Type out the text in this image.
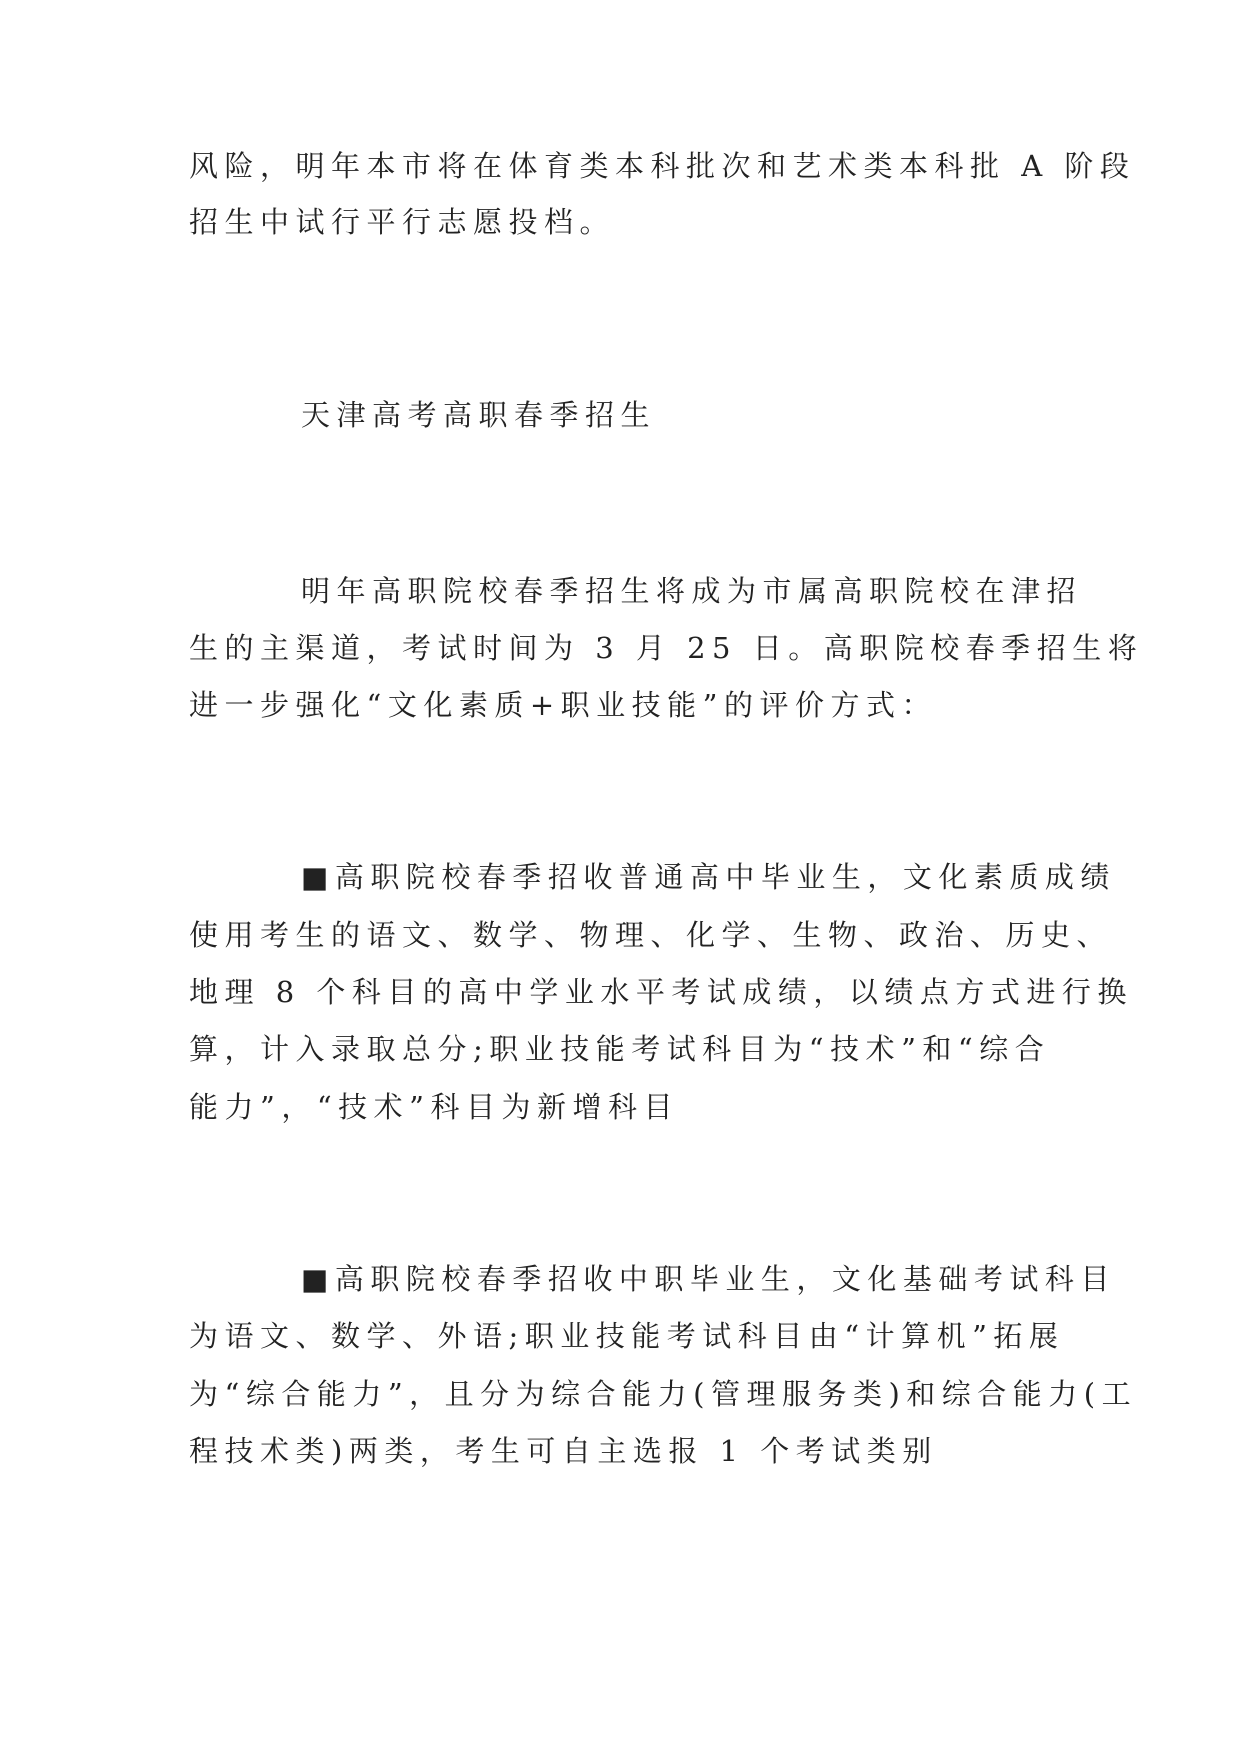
风险，明年本市将在体育类本科批次和艺术类本科批 A 阶段
招生中试行平行志愿投档。
天津高考高职春季招生
明年高职院校春季招生将成为市属高职院校在津招
生的主渠道，考试时间为 3 月 25 日。高职院校春季招生将
进一步强化“文化素质+职业技能”的评价方式：
■高职院校春季招收普通高中毕业生，文化素质成绩
使用考生的语文、数学、物理、化学、生物、政治、历史、
地理 8 个科目的高中学业水平考试成绩，以绩点方式进行换
算，计入录取总分;职业技能考试科目为“技术”和“综合
能力”，“技术”科目为新增科目
■高职院校春季招收中职毕业生，文化基础考试科目
为语文、数学、外语;职业技能考试科目由“计算机”拓展
为“综合能力”，且分为综合能力(管理服务类)和综合能力(工
程技术类)两类，考生可自主选报 1 个考试类别
